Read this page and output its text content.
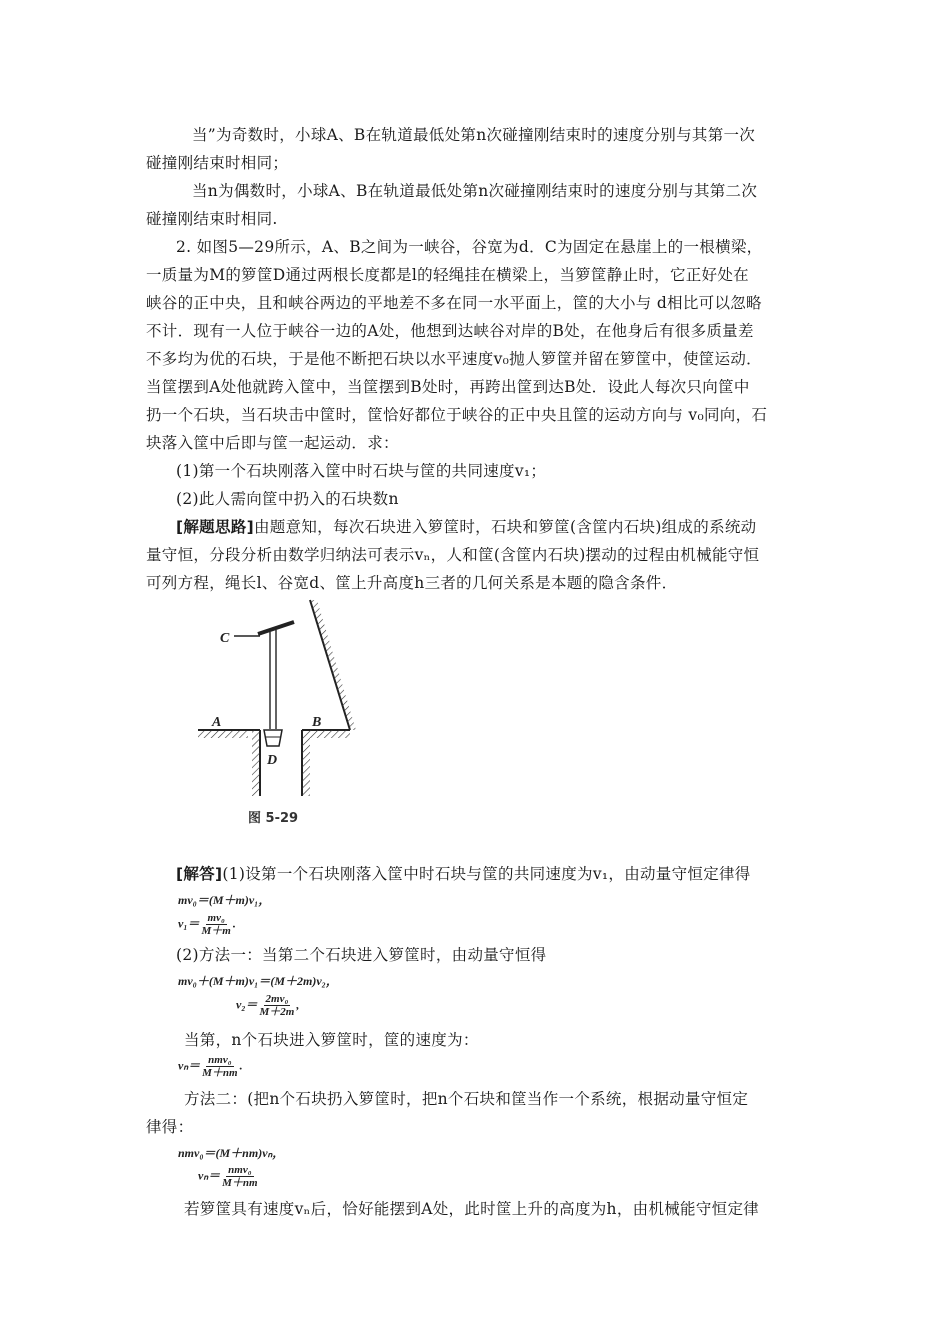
当”为奇数时，小球A、B在轨道最低处第n次碰撞刚结束时的速度分别与其第一次
碰撞刚结束时相同；
当n为偶数时，小球A、B在轨道最低处第n次碰撞刚结束时的速度分别与其第二次
碰撞刚结束时相同.
2. 如图5—29所示，A、B之间为一峡谷，谷宽为d．C为固定在悬崖上的一根横梁，
一质量为M的箩筐D通过两根长度都是l的轻绳挂在横梁上，当箩筐静止时，它正好处在
峡谷的正中央，且和峡谷两边的平地差不多在同一水平面上，筐的大小与 d相比可以忽略
不计．现有一人位于峡谷一边的A处，他想到达峡谷对岸的B处，在他身后有很多质量差
不多均为优的石块，于是他不断把石块以水平速度v₀抛人箩筐并留在箩筐中，使筐运动．
当筐摆到A处他就跨入筐中，当筐摆到B处时，再跨出筐到达B处．设此人每次只向筐中
扔一个石块，当石块击中筐时，筐恰好都位于峡谷的正中央且筐的运动方向与 v₀同向，石
块落入筐中后即与筐一起运动．求：
(1)第一个石块刚落入筐中时石块与筐的共同速度v₁；
(2)此人需向筐中扔入的石块数n
[解题思路]由题意知，每次石块进入箩筐时，石块和箩筐(含筐内石块)组成的系统动
量守恒，分段分析由数学归纳法可表示vₙ，人和筐(含筐内石块)摆动的过程由机械能守恒
可列方程，绳长l、谷宽d、筐上升高度h三者的几何关系是本题的隐含条件．
C
A	B
D
图 5-29
[解答](1)设第一个石块刚落入筐中时石块与筐的共同速度为v₁，由动量守恒定律得
mv₀＝(M＋m)v₁，
$v_1= \frac{\text{mv₀}}{M+m}$ .
(2)方法一：当第二个石块进入箩筐时，由动量守恒得
mv₀＋(M＋m)v₁＝(M＋2m)v₂，
$v_2= \frac{\text{2mv₀}}{M+2m}$ ,
当第，n个石块进入箩筐时，筐的速度为：
$v_n= \frac{\text{nmv₀}}{M+nm}$ .
方法二：(把n个石块扔入箩筐时，把n个石块和筐当作一个系统，根据动量守恒定
律得：
nmv₀＝(M＋nm)vₙ，
$v_n= \frac{\text{nmv₀}}{M+nm}$
若箩筐具有速度vₙ后，恰好能摆到A处，此时筐上升的高度为h，由机械能守恒定律
